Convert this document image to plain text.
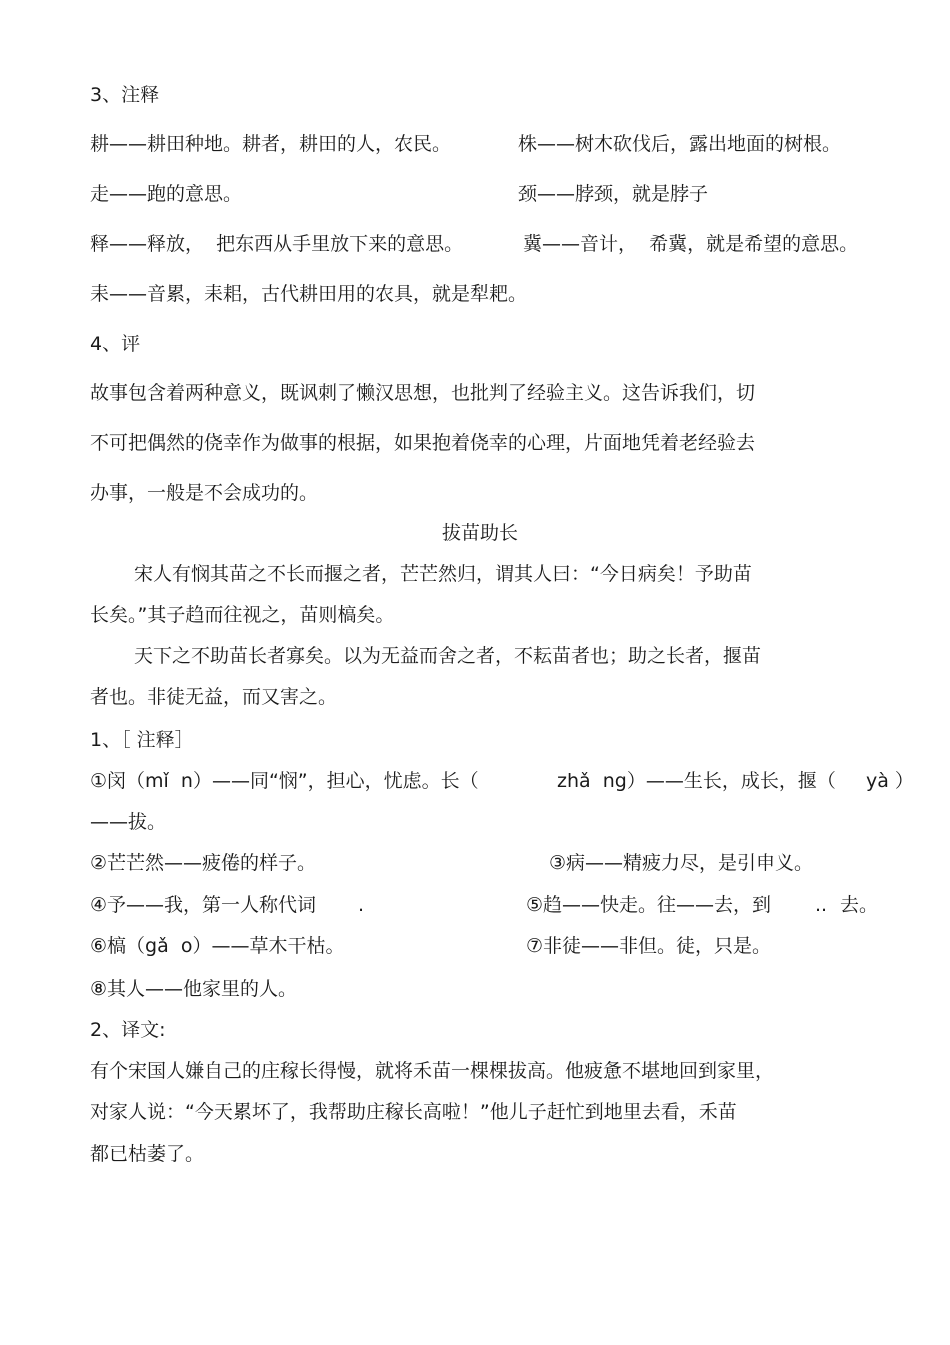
3、注释
耕——耕田种地。耕者，耕田的人，农民。	株——树木砍伐后，露出地面的树根。
走——跑的意思。	颈——脖颈，就是脖子
释——释放，  把东西从手里放下来的意思。	冀——音计，  希冀，就是希望的意思。
耒——音累，耒耜，古代耕田用的农具，就是犁耙。
4、评
故事包含着两种意义，既讽刺了懒汉思想，也批判了经验主义。这告诉我们，切
不可把偶然的侥幸作为做事的根据，如果抱着侥幸的心理，片面地凭着老经验去
办事，一般是不会成功的。
拔苗助长
宋人有悯其苗之不长而揠之者，芒芒然归，谓其人曰：“今日病矣！予助苗
长矣。”其子趋而往视之，苗则槁矣。
天下之不助苗长者寡矣。以为无益而舍之者，不耘苗者也；助之长者，揠苗
者也。非徒无益，而又害之。
1、［ 注释］
①闵（mǐ  n）——同“悯”，担心，忧虑。长（	zhǎ  ng）——生长，成长，揠（ yà ）
——拔。
②芒芒然——疲倦的样子。	③病——精疲力尽，是引申义。
④予——我，第一人称代词 .	⑤趋——快走。往——去，到 .. 去。
⑥槁（gǎ  o）——草木干枯。	⑦非徒——非但。徒，只是。
⑧其人——他家里的人。
2、译文:
有个宋国人嫌自己的庄稼长得慢，就将禾苗一棵棵拔高。他疲惫不堪地回到家里，
对家人说：“今天累坏了，我帮助庄稼长高啦！”他儿子赶忙到地里去看，禾苗
都已枯萎了。
